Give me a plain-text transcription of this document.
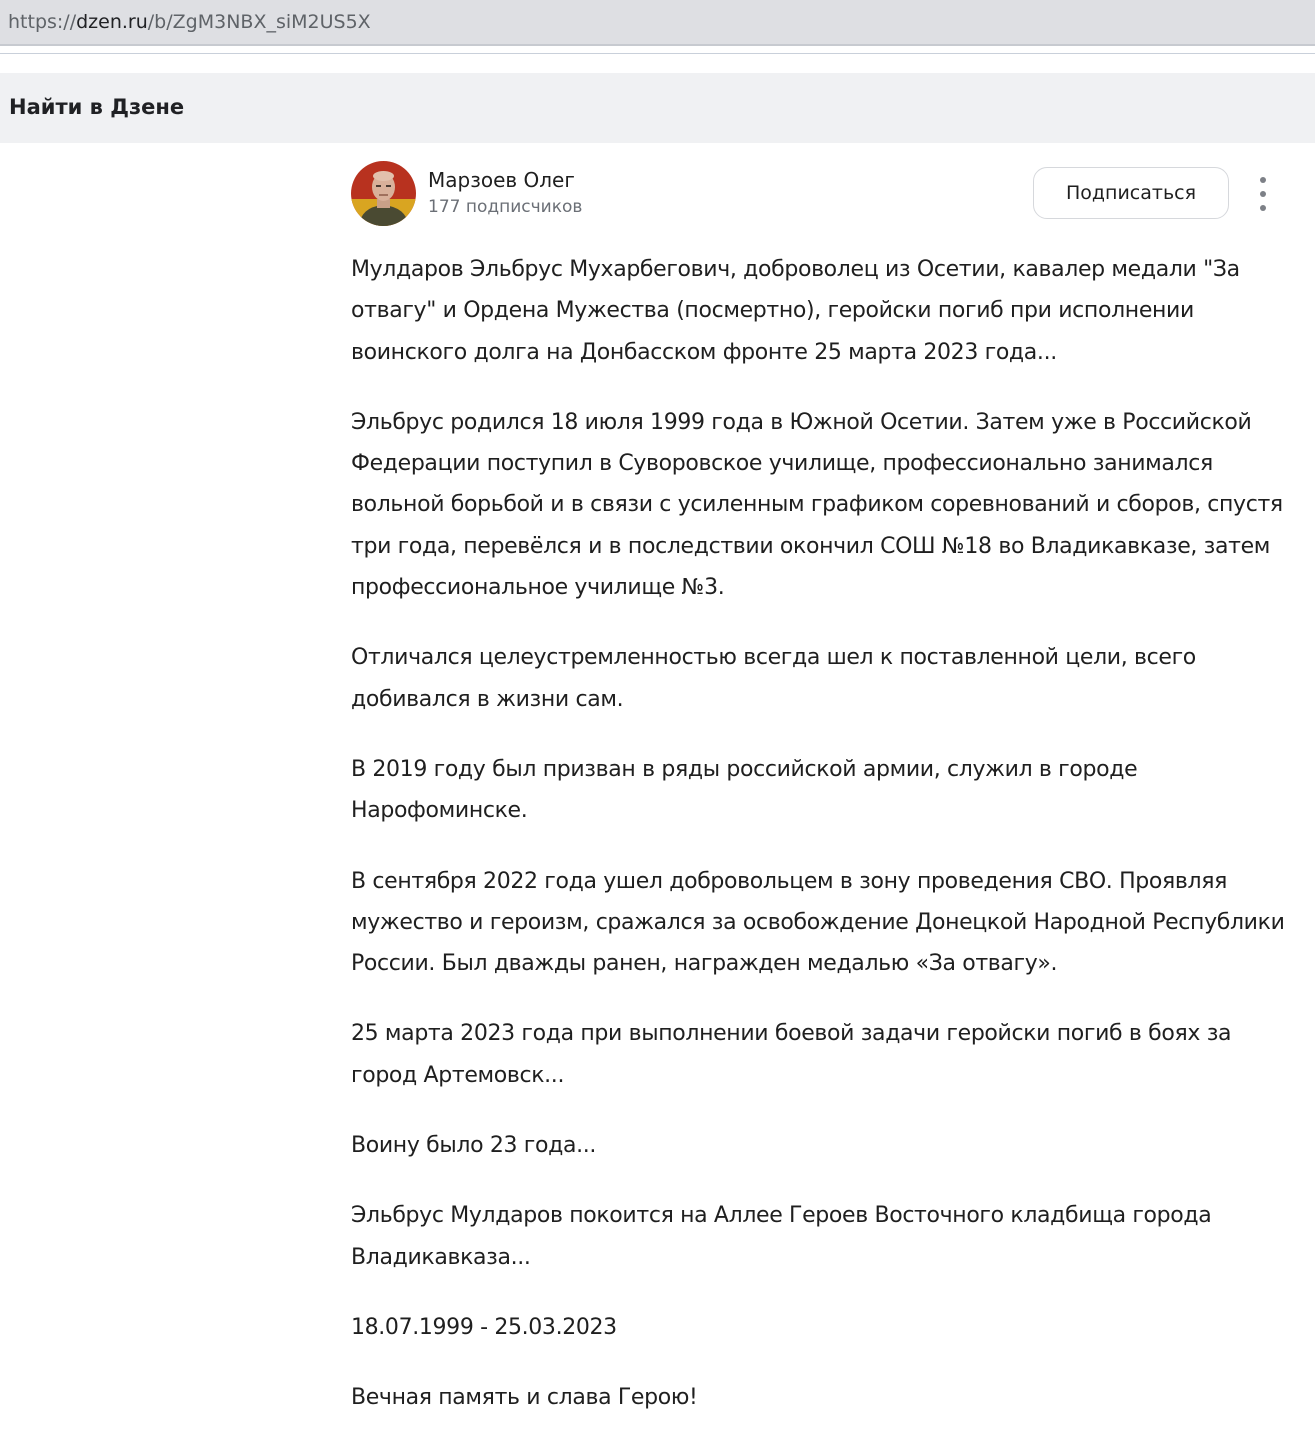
https://dzen.ru/b/ZgM3NBX_siM2US5X
Найти в Дзене
Марзоев Олег
177 подписчиков
Подписаться

Мулдаров Эльбрус Мухарбегович, доброволец из Осетии, кавалер медали "За отвагу" и Ордена Мужества (посмертно), геройски погиб при исполнении воинского долга на Донбасском фронте 25 марта 2023 года...

Эльбрус родился 18 июля 1999 года в Южной Осетии. Затем уже в Российской Федерации поступил в Суворовское училище, профессионально занимался вольной борьбой и в связи с усиленным графиком соревнований и сборов, спустя три года, перевёлся и в последствии окончил СОШ №18 во Владикавказе, затем профессиональное училище №3.

Отличался целеустремленностью всегда шел к поставленной цели, всего добивался в жизни сам.

В 2019 году был призван в ряды российской армии, служил в городе Нарофоминске.

В сентября 2022 года ушел добровольцем в зону проведения СВО. Проявляя мужество и героизм, сражался за освобождение Донецкой Народной Республики России. Был дважды ранен, награжден медалью «За отвагу».

25 марта 2023 года при выполнении боевой задачи геройски погиб в боях за город Артемовск...

Воину было 23 года...

Эльбрус Мулдаров покоится на Аллее Героев Восточного кладбища города Владикавказа...

18.07.1999 - 25.03.2023

Вечная память и слава Герою!
